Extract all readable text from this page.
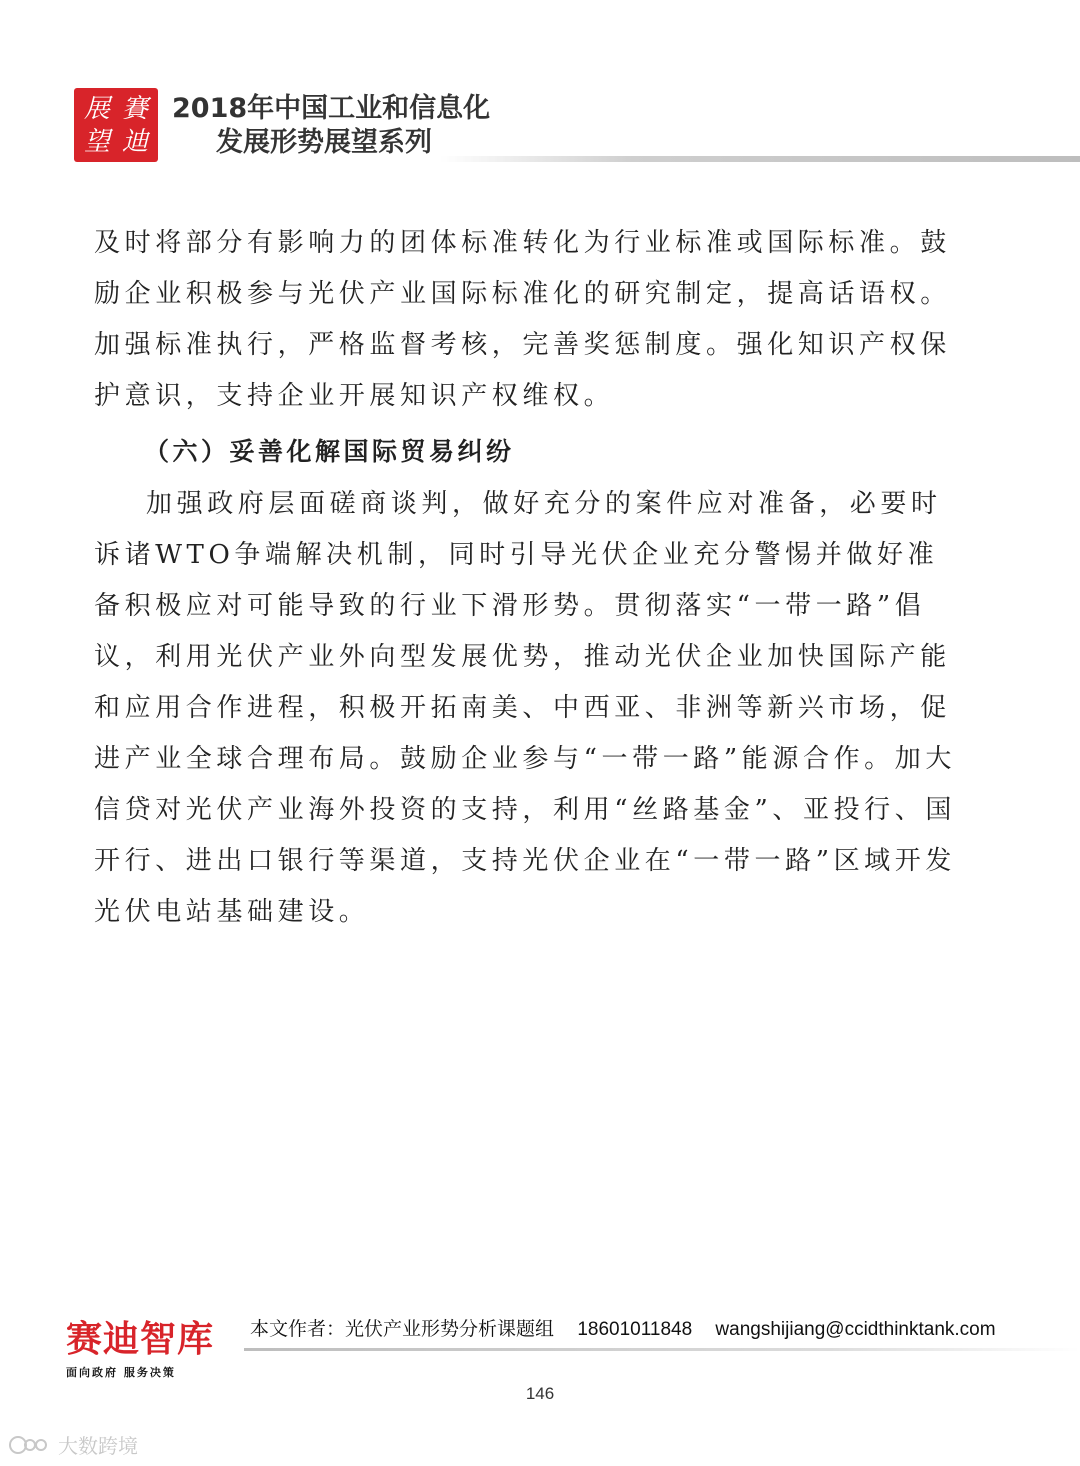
展 賽
望 迪
2018年中国工业和信息化
发展形势展望系列

及时将部分有影响力的团体标准转化为行业标准或国际标准。鼓励企业积极参与光伏产业国际标准化的研究制定，提高话语权。加强标准执行，严格监督考核，完善奖惩制度。强化知识产权保护意识，支持企业开展知识产权维权。

（六）妥善化解国际贸易纠纷

加强政府层面磋商谈判，做好充分的案件应对准备，必要时诉诸WTO争端解决机制，同时引导光伏企业充分警惕并做好准备积极应对可能导致的行业下滑形势。贯彻落实“一带一路”倡议，利用光伏产业外向型发展优势，推动光伏企业加快国际产能和应用合作进程，积极开拓南美、中西亚、非洲等新兴市场，促进产业全球合理布局。鼓励企业参与“一带一路”能源合作。加大信贷对光伏产业海外投资的支持，利用“丝路基金”、亚投行、国开行、进出口银行等渠道，支持光伏企业在“一带一路”区域开发光伏电站基础建设。

赛迪智库
面向政府 服务决策
本文作者：光伏产业形势分析课题组 18601011848 wangshijiang@ccidthinktank.com
146
大数跨境
